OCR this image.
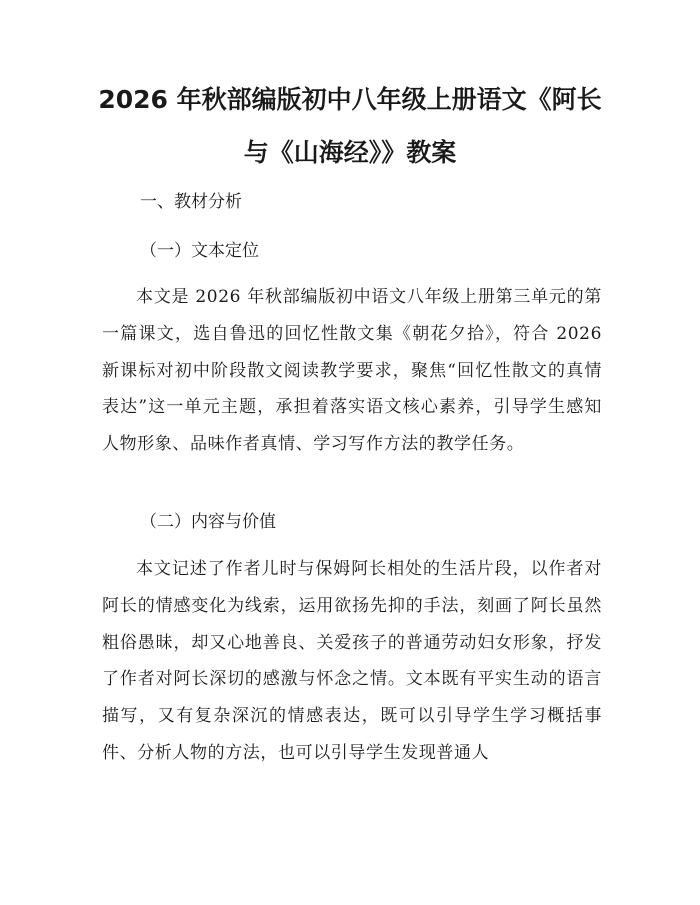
2026 年秋部编版初中八年级上册语文《阿长
与《山海经》》教案

一、教材分析

（一）文本定位

本文是 2026 年秋部编版初中语文八年级上册第三单元的第一篇课文，选自鲁迅的回忆性散文集《朝花夕拾》，符合 2026 新课标对初中阶段散文阅读教学要求，聚焦“回忆性散文的真情表达”这一单元主题，承担着落实语文核心素养，引导学生感知人物形象、品味作者真情、学习写作方法的教学任务。

（二）内容与价值

本文记述了作者儿时与保姆阿长相处的生活片段，以作者对阿长的情感变化为线索，运用欲扬先抑的手法，刻画了阿长虽然粗俗愚昧，却又心地善良、关爱孩子的普通劳动妇女形象，抒发了作者对阿长深切的感激与怀念之情。文本既有平实生动的语言描写，又有复杂深沉的情感表达，既可以引导学生学习概括事件、分析人物的方法，也可以引导学生发现普通人
